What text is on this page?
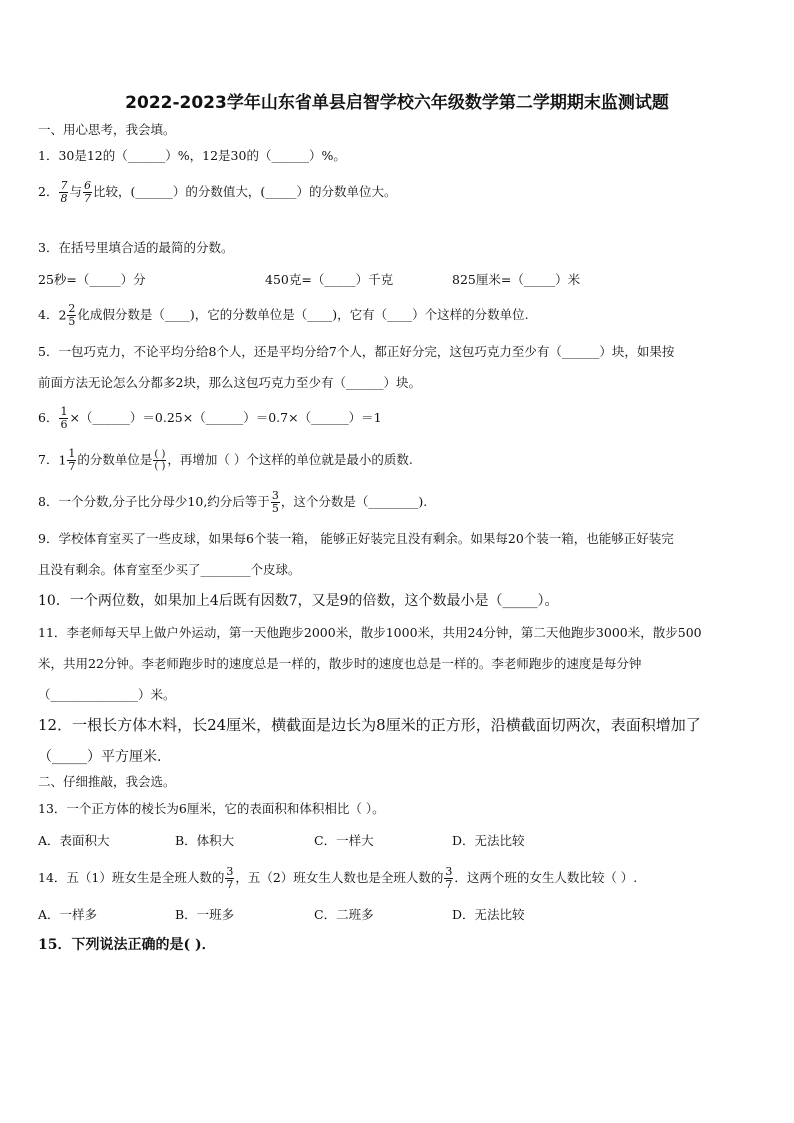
2022-2023学年山东省单县启智学校六年级数学第二学期期末监测试题
一、用心思考，我会填。
1．30是12的（______）%，12是30的（______）%。
2． $\frac{7}{8}$ 与 $\frac{6}{7}$ 比较，(______）的分数值大，(_____）的分数单位大。
3．在括号里填合适的最简的分数。
25秒=（_____）分	450克=（_____）千克	825厘米=（_____）米
4．$2 \frac{2}{5}$ 化成假分数是（____)，它的分数单位是（____)，它有（____）个这样的分数单位.
5．一包巧克力，不论平均分给8个人，还是平均分给7个人，都正好分完，这包巧克力至少有（______）块，如果按
前面方法无论怎么分都多2块，那么这包巧克力至少有（______）块。
6． $\frac{1}{6}$ ×（______）＝0.25×（______）＝0.7×（______）＝1
7．$1 \frac{1}{7}$ 的分数单位是 $\frac{( )}{( )}$ ，再增加（ ）个这样的单位就是最小的质数.
8．一个分数,分子比分母少10,约分后等于 $\frac{3}{5}$ ，这个分数是（________).
9．学校体育室买了一些皮球，如果每6个装一箱， 能够正好装完且没有剩余。如果每20个装一箱，也能够正好装完
且没有剩余。体育室至少买了________个皮球。
10．一个两位数，如果加上4后既有因数7，又是9的倍数，这个数最小是（_____）。
11．李老师每天早上做户外运动，第一天他跑步2000米，散步1000米，共用24分钟，第二天他跑步3000米，散步500
米，共用22分钟。李老师跑步时的速度总是一样的，散步时的速度也总是一样的。李老师跑步的速度是每分钟
（______________）米。
12．一根长方体木料，长24厘米，横截面是边长为8厘米的正方形，沿横截面切两次，表面积增加了
（_____）平方厘米.
二、仔细推敲，我会选。
13．一个正方体的棱长为6厘米，它的表面积和体积相比（ ）。
A．表面积大	B．体积大	C．一样大	D．无法比较
14．五（1）班女生是全班人数的 $\frac{3}{7}$ ，五（2）班女生人数也是全班人数的 $\frac{3}{7}$ ．这两个班的女生人数比较（ ）.
A．一样多	B．一班多	C．二班多	D．无法比较
15．下列说法正确的是( )．
